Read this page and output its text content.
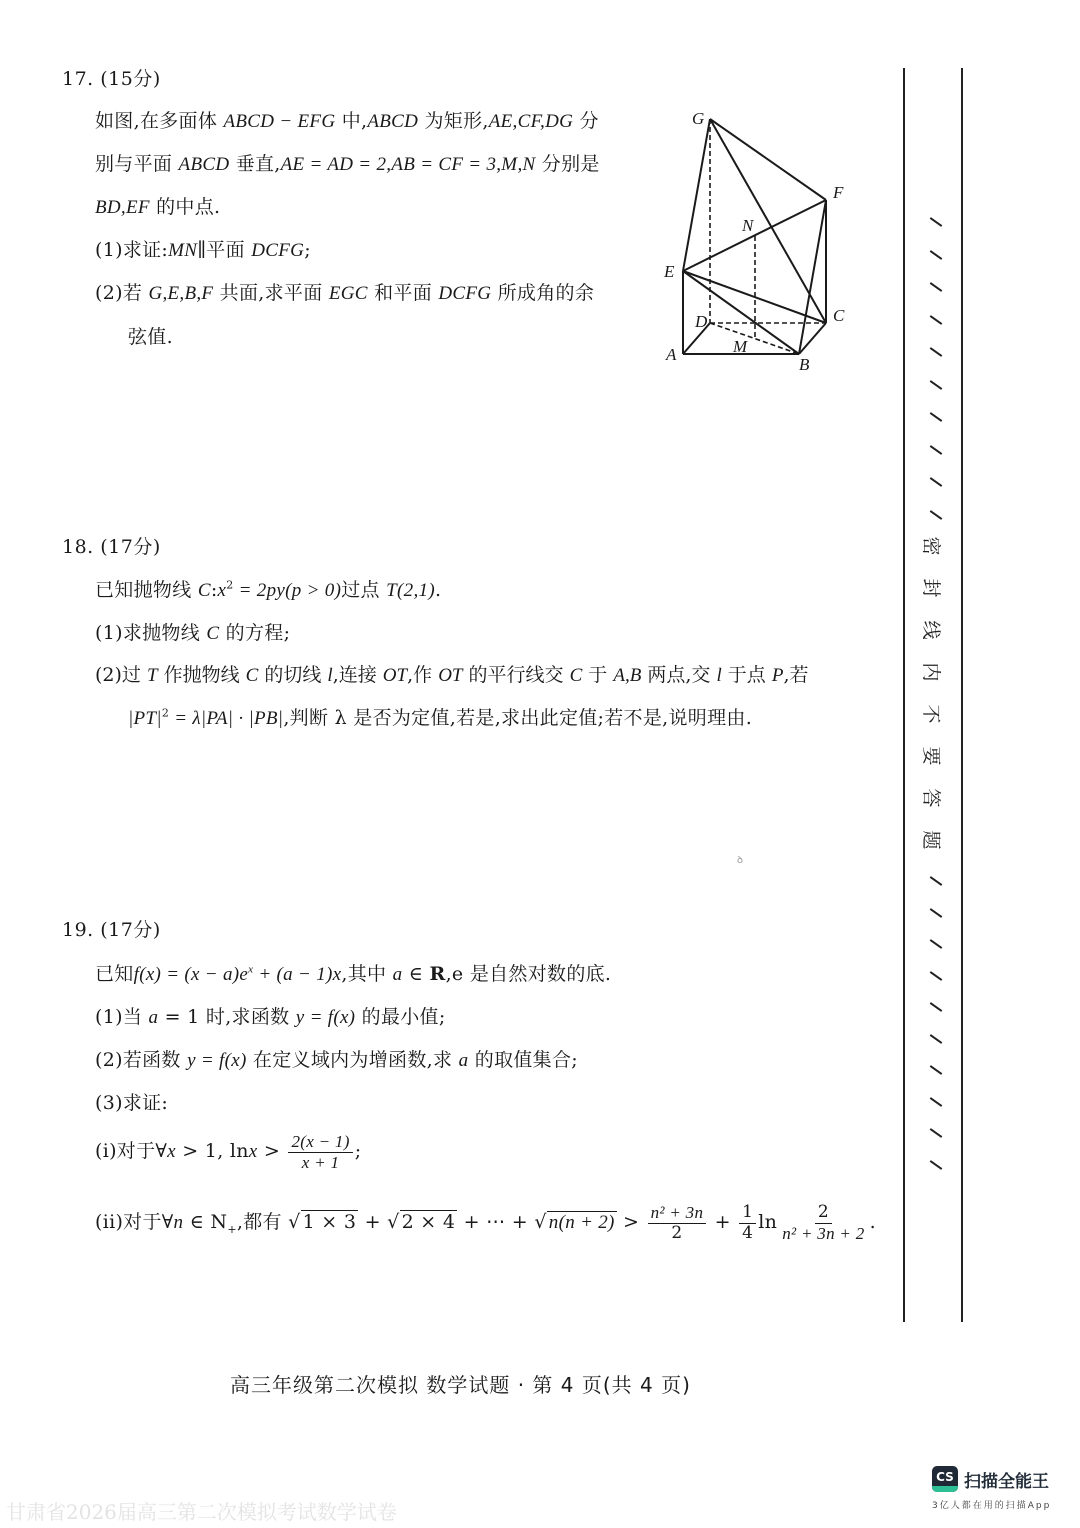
17. (15分)
如图,在多面体 ABCD − EFG 中,ABCD 为矩形,AE,CF,DG 分
别与平面 ABCD 垂直,AE = AD = 2,AB = CF = 3,M,N 分别是
BD,EF 的中点.
(1)求证:MN∥平面 DCFG;
(2)若 G,E,B,F 共面,求平面 EGC 和平面 DCFG 所成角的余
弦值.
G
F
N
E
D	C
A	M
B
18. (17分)
已知抛物线 $C:x^2 = 2py(p > 0)$过点 T(2,1).
(1)求抛物线 C 的方程;
(2)过 T 作抛物线 C 的切线 l,连接 OT,作 OT 的平行线交 C 于 A,B 两点,交 l 于点 P,若
$|PT|^2 = \lambda|PA| \cdot |PB|$,判断 λ 是否为定值,若是,求出此定值;若不是,说明理由.
ꝺ
19. (17分)
已知$f(x) = (x - a)e^x + (a - 1)x$,其中 a ∈ R,e 是自然对数的底.
(1)当 a = 1 时,求函数 y = f(x) 的最小值;
(2)若函数 y = f(x) 在定义域内为增函数,求 a 的取值集合;
(3)求证:
(i)对于∀x > 1, $\ln x > \frac{2(x - 1)}{x + 1}$ ;
(ii)对于∀n ∈ $N_+$,都有 √ 1 × 3 + √ 2 × 4 + ⋯ + √ $n(n + 2) > \frac{\text{n² + 3n}}{2} + \frac{1}{4}$ $\ln \frac{2}{\text{n² + 3n + 2}}$ .
密
封
线
内
不
要
答
题
高三年级第二次模拟 数学试题 · 第 4 页(共 4 页)
甘肃省2026届高三第二次模拟考试数学试卷
CS 扫描全能王
3亿人都在用的扫描App
